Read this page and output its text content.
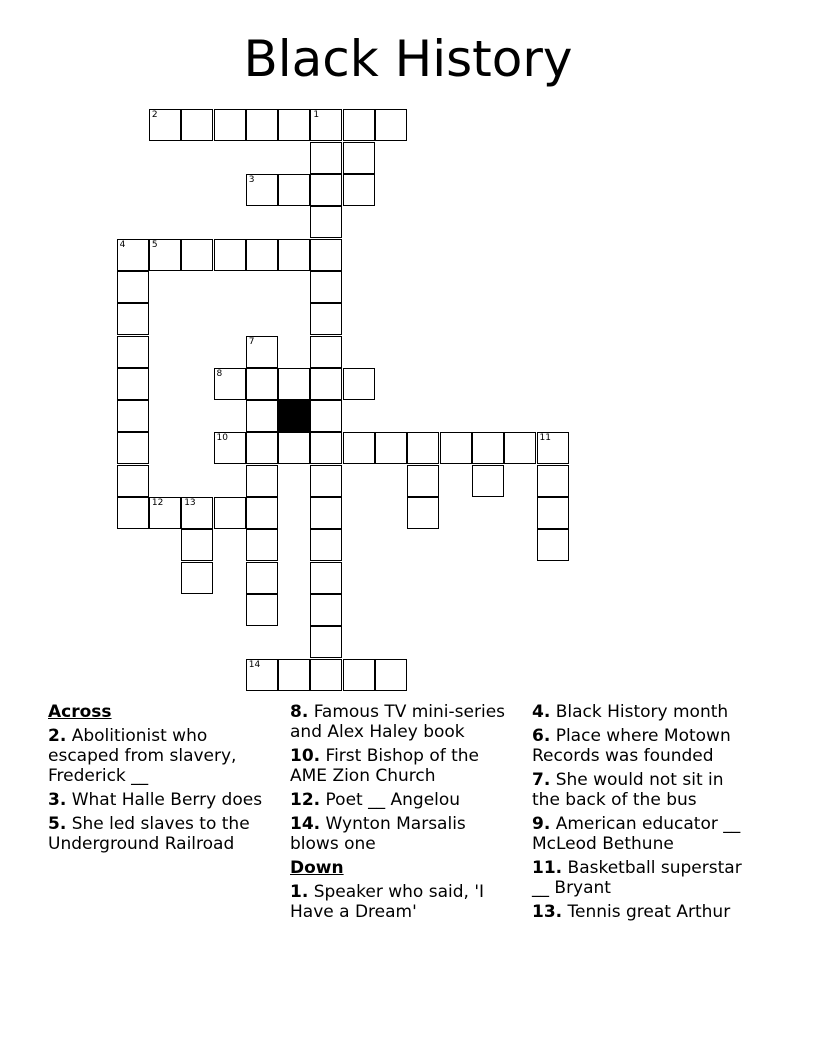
Black History
2	1
3
4	5
7
8
10	11
12 13
14
Across
2. Abolitionist who escaped from slavery, Frederick __
3. What Halle Berry does
5. She led slaves to the Underground Railroad
8. Famous TV mini-series and Alex Haley book
10. First Bishop of the AME Zion Church
12. Poet __ Angelou
14. Wynton Marsalis blows one
Down
1. Speaker who said, 'I Have a Dream'
4. Black History month
6. Place where Motown Records was founded
7. She would not sit in the back of the bus
9. American educator __ McLeod Bethune
11. Basketball superstar __ Bryant
13. Tennis great Arthur
